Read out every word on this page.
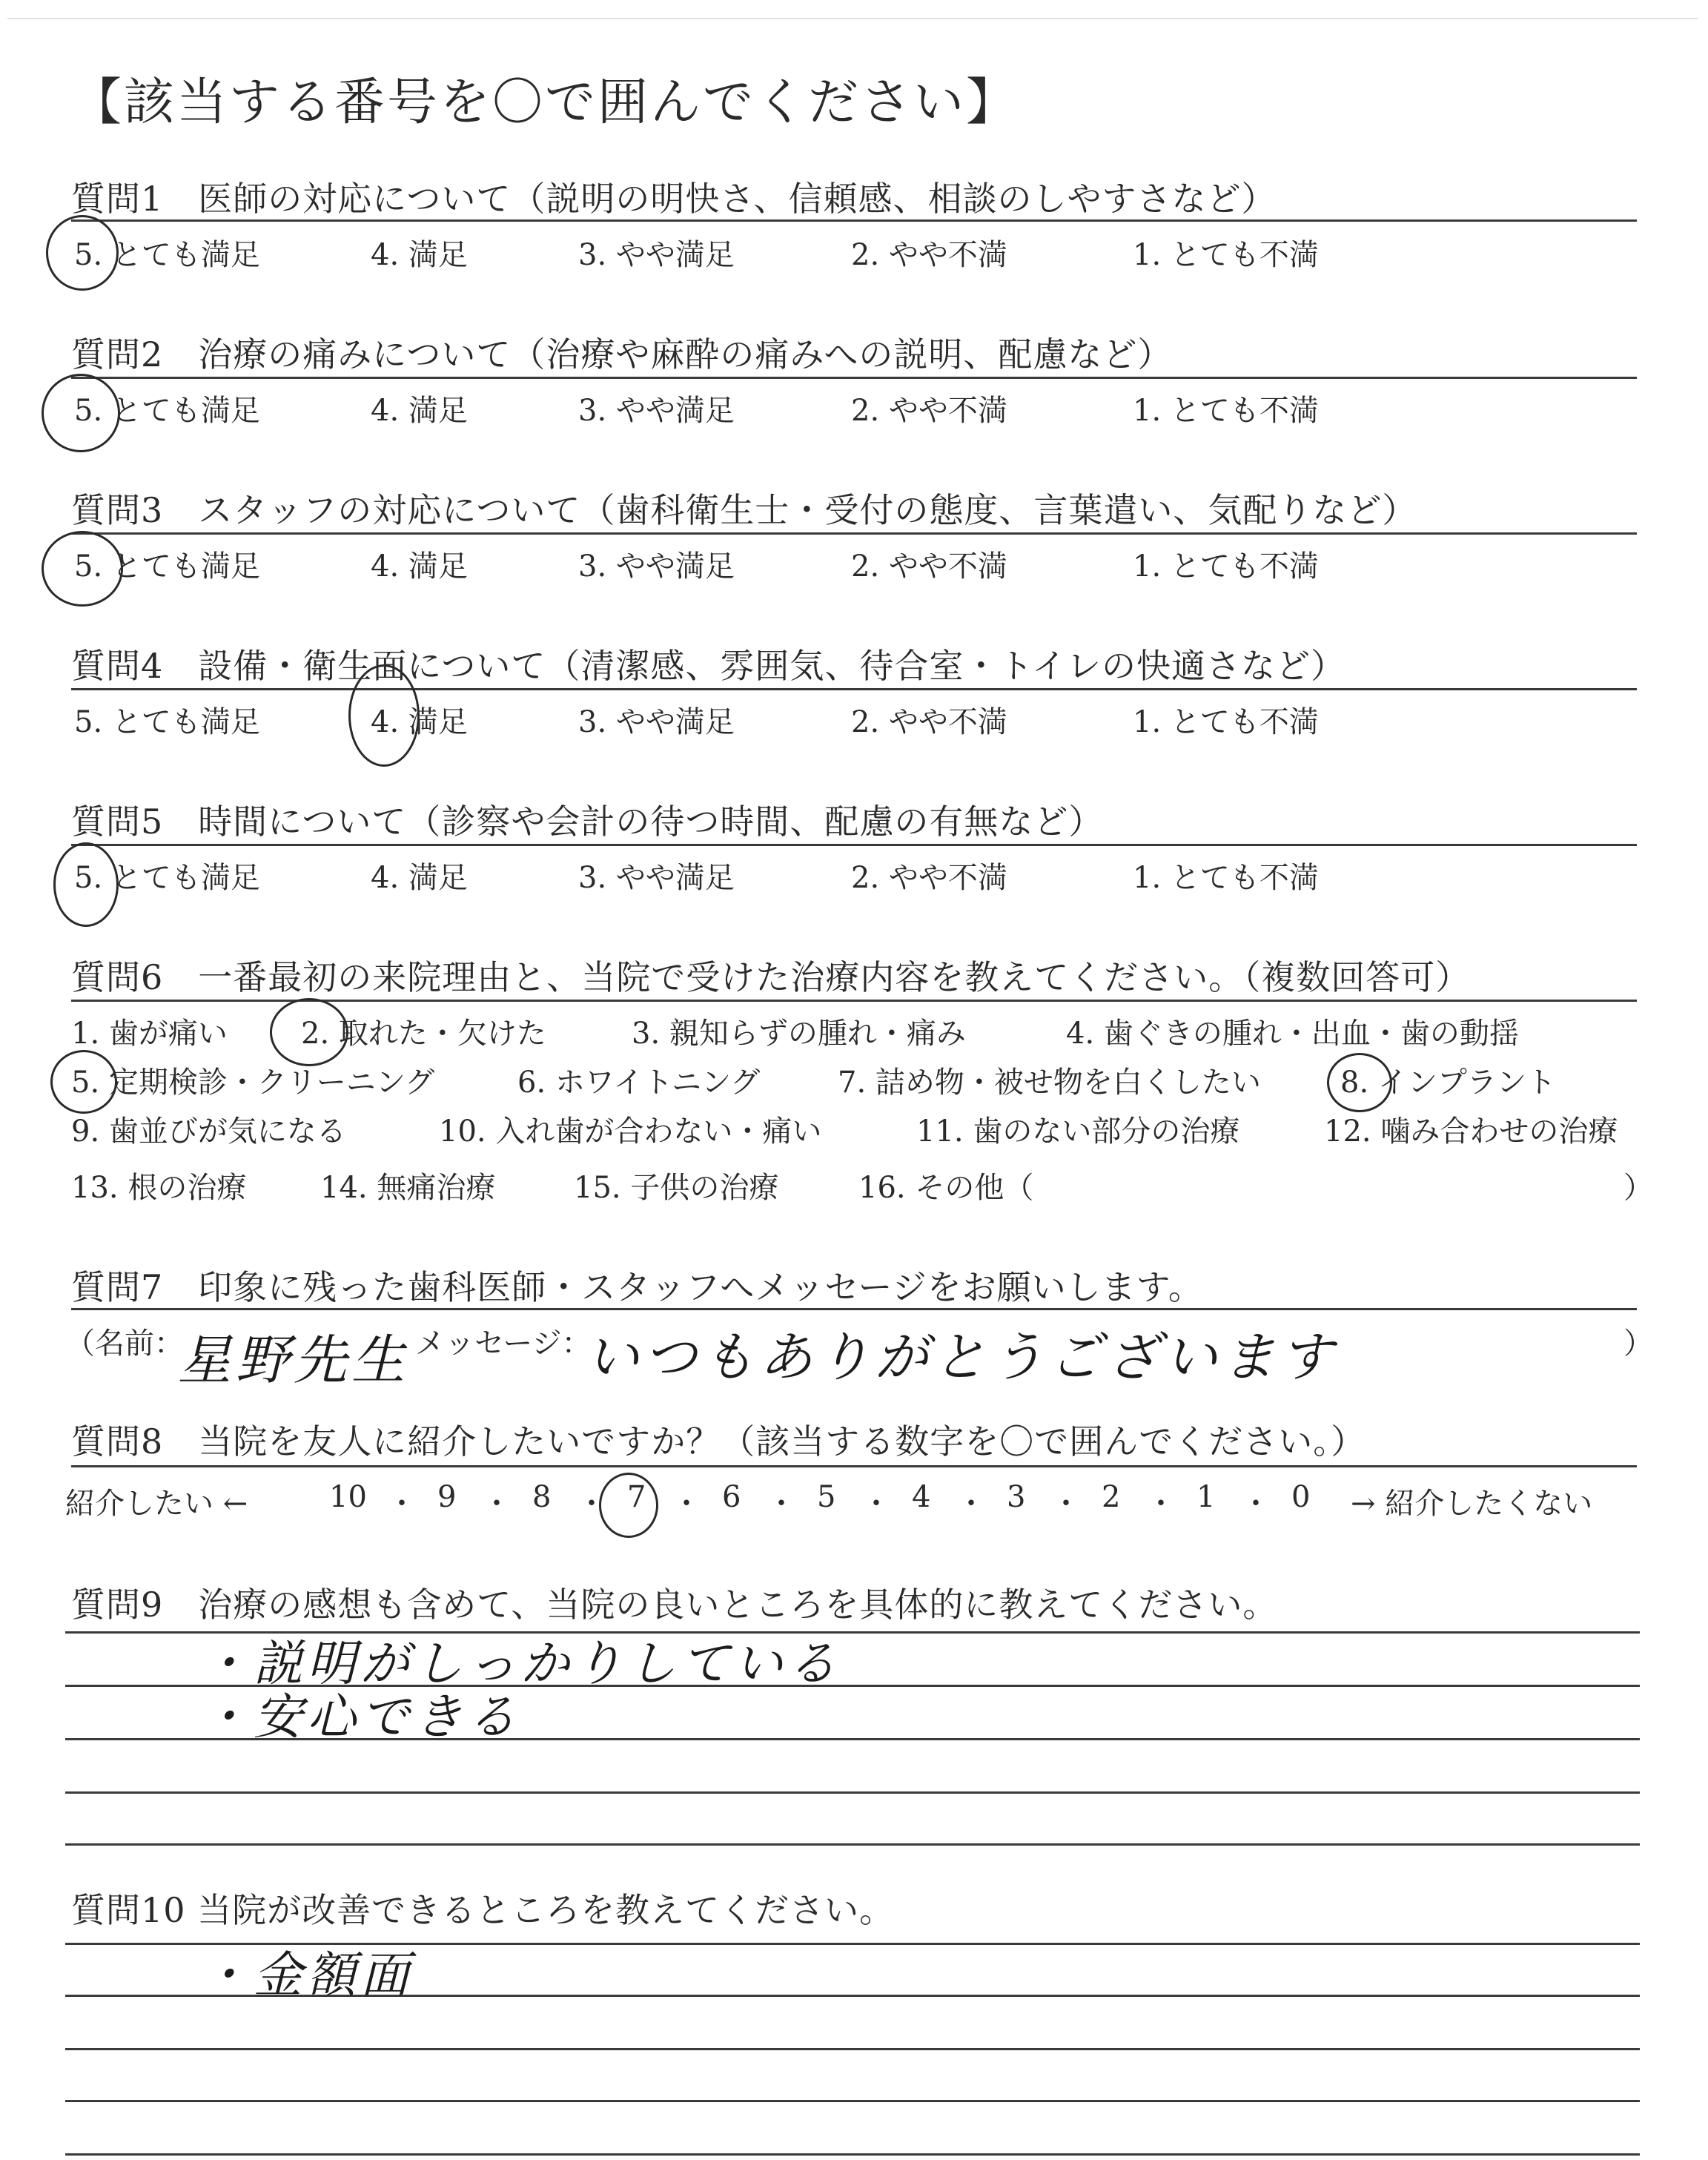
【該当する番号を〇で囲んでください】
質問1　医師の対応について（説明の明快さ、信頼感、相談のしやすさなど）
5. とても満足	4. 満足	3. やや満足	2. やや不満	1. とても不満
質問2　治療の痛みについて（治療や麻酔の痛みへの説明、配慮など）
5. とても満足	4. 満足	3. やや満足	2. やや不満	1. とても不満
質問3　スタッフの対応について（歯科衛生士・受付の態度、言葉遣い、気配りなど）
5. とても満足	4. 満足	3. やや満足	2. やや不満	1. とても不満
質問4　設備・衛生面について（清潔感、雰囲気、待合室・トイレの快適さなど）
5. とても満足	4. 満足	3. やや満足	2. やや不満	1. とても不満
質問5　時間について（診察や会計の待つ時間、配慮の有無など）
5. とても満足	4. 満足	3. やや満足	2. やや不満	1. とても不満
質問6　一番最初の来院理由と、当院で受けた治療内容を教えてください。（複数回答可）
1. 歯が痛い 2. 取れた・欠けた	3. 親知らずの腫れ・痛み	4. 歯ぐきの腫れ・出血・歯の動揺
5. 定期検診・クリーニング	6. ホワイトニング	7. 詰め物・被せ物を白くしたい	8. インプラント
9. 歯並びが気になる	10. 入れ歯が合わない・痛い	11. 歯のない部分の治療	12. 噛み合わせの治療
13. 根の治療 14. 無痛治療	15. 子供の治療	16. その他（	）
質問7　印象に残った歯科医師・スタッフへメッセージをお願いします。
（名前：
星野先生 メッセージ：
いつもありがとうございます	）
質問8　当院を友人に紹介したいですか？（該当する数字を〇で囲んでください。）
紹介したい ←	10 ・ 9 ・ 8 ・ 7 ・ 6 ・ 5 ・ 4 ・ 3 ・ 2 ・ 1 ・ 0 → 紹介したくない
質問9　治療の感想も含めて、当院の良いところを具体的に教えてください。
・説明がしっかりしている
・安心できる
質問10 当院が改善できるところを教えてください。
・金額面
